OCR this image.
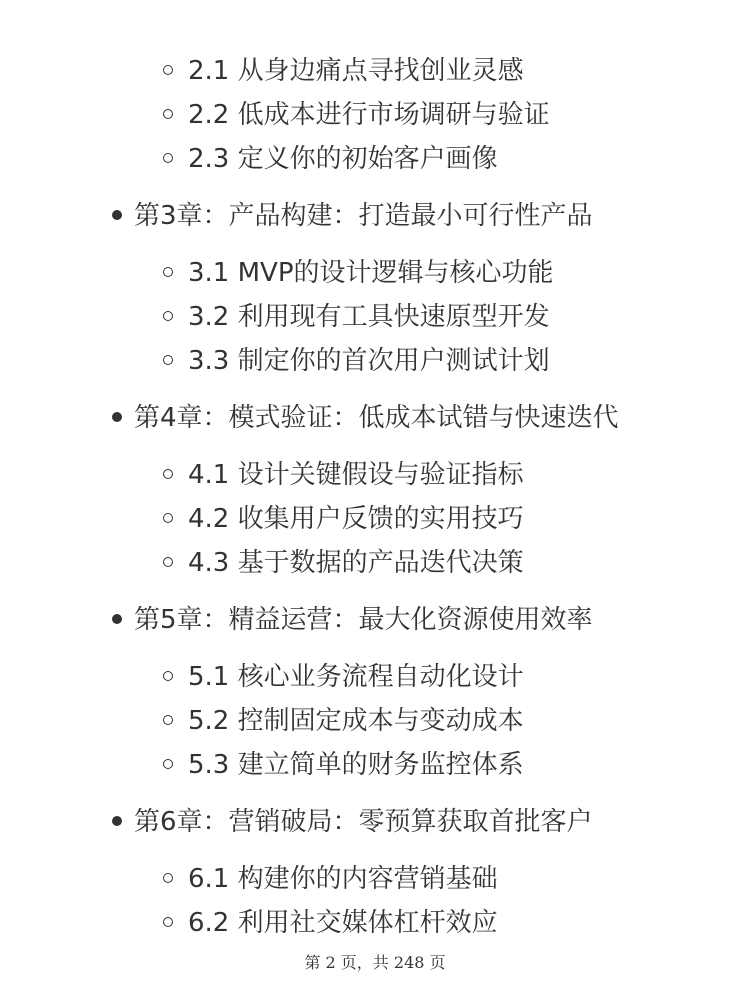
2.1 从身边痛点寻找创业灵感
2.2 低成本进行市场调研与验证
2.3 定义你的初始客户画像
第3章：产品构建：打造最小可行性产品
3.1 MVP的设计逻辑与核心功能
3.2 利用现有工具快速原型开发
3.3 制定你的首次用户测试计划
第4章：模式验证：低成本试错与快速迭代
4.1 设计关键假设与验证指标
4.2 收集用户反馈的实用技巧
4.3 基于数据的产品迭代决策
第5章：精益运营：最大化资源使用效率
5.1 核心业务流程自动化设计
5.2 控制固定成本与变动成本
5.3 建立简单的财务监控体系
第6章：营销破局：零预算获取首批客户
6.1 构建你的内容营销基础
6.2 利用社交媒体杠杆效应
第 2 页，共 248 页
